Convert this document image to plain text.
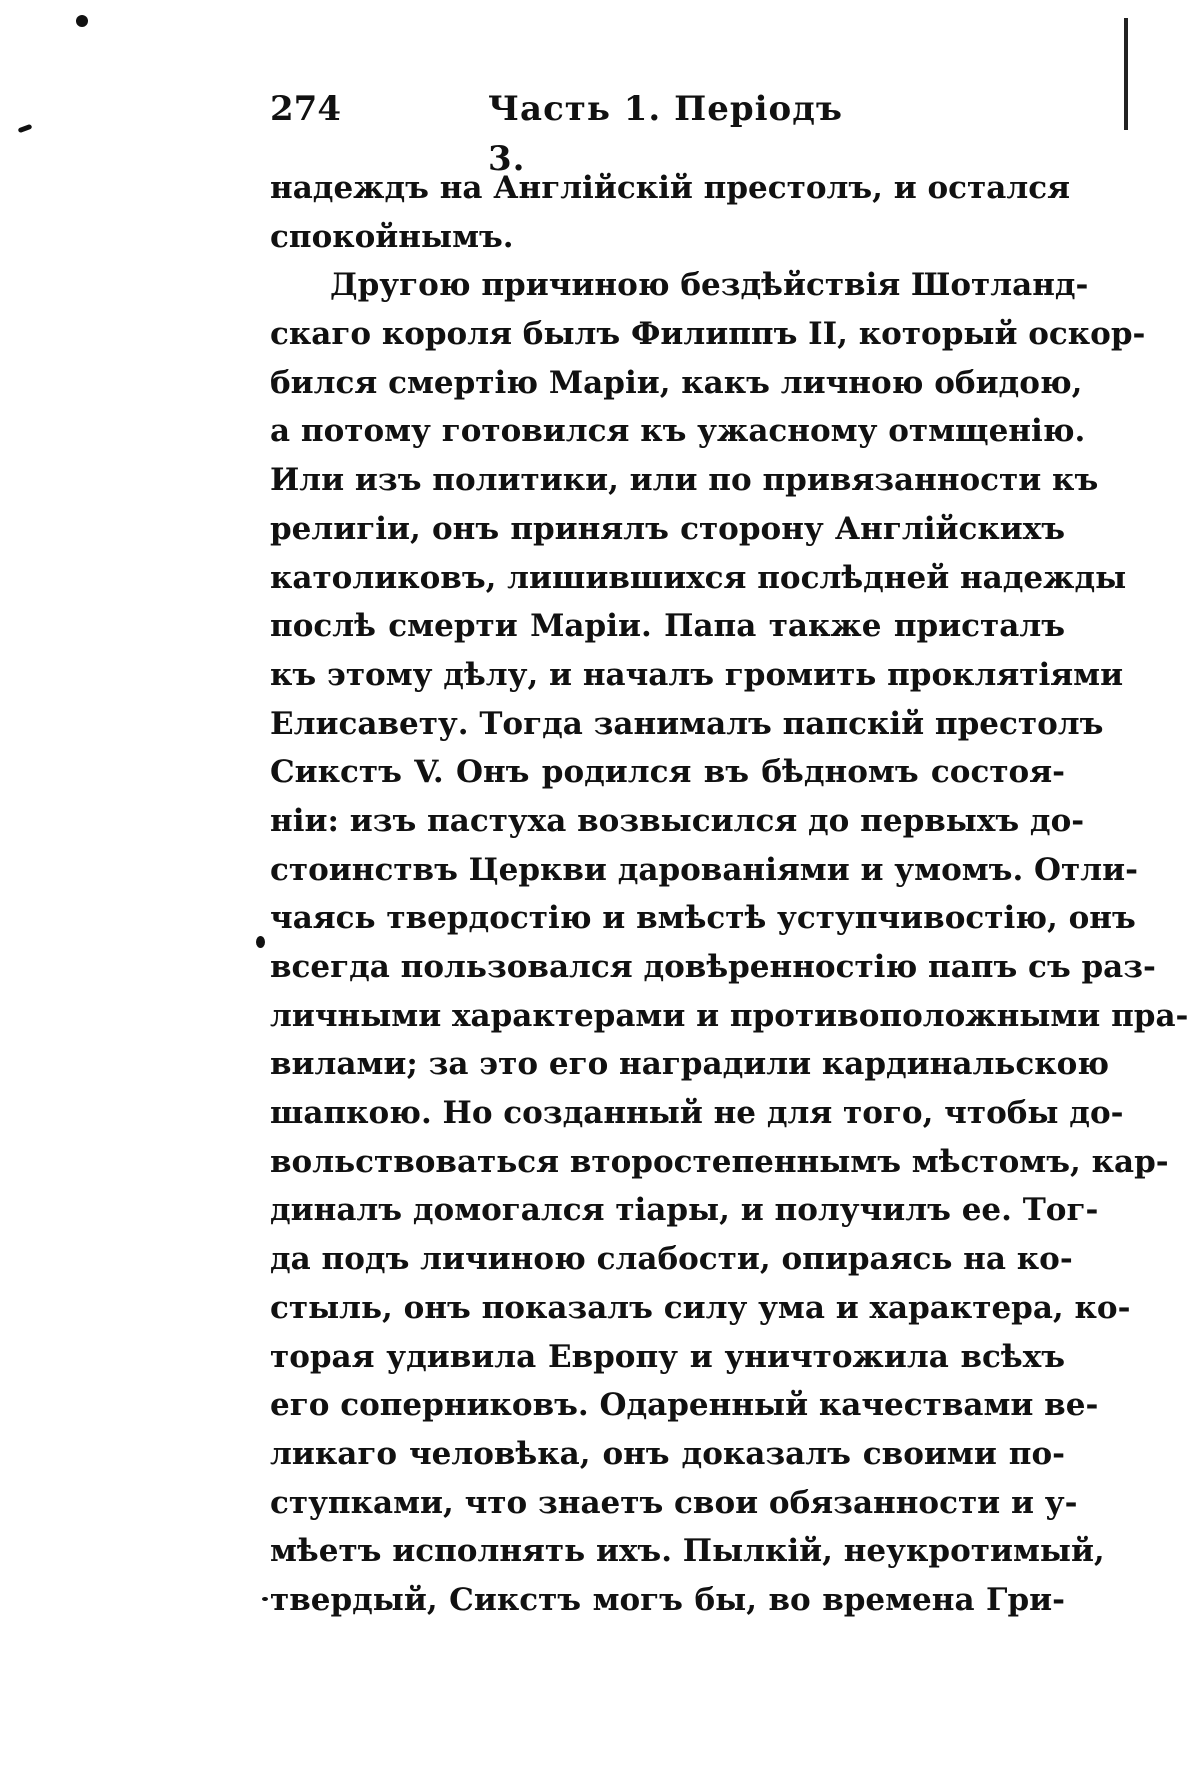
274	Часть 1. Періодъ 3.
надеждъ на Англійскій престолъ, и остался
спокойнымъ.
Другою причиною бездѣйствія Шотланд-
скаго короля былъ Филиппъ II, который оскор-
бился смертію Маріи, какъ личною обидою,
а потому готовился къ ужасному отмщенію.
Или изъ политики, или по привязанности къ
религіи, онъ принялъ сторону Англійскихъ
католиковъ, лишившихся послѣдней надежды
послѣ смерти Маріи. Папа также присталъ
къ этому дѣлу, и началъ громить проклятіями
Елисавету. Тогда занималъ папскій престолъ
Сикстъ V. Онъ родился въ бѣдномъ состоя-
ніи: изъ пастуха возвысился до первыхъ до-
стоинствъ Церкви дарованіями и умомъ. Отли-
чаясь твердостію и вмѣстѣ уступчивостію, онъ
всегда пользовался довѣренностію папъ съ раз-
личными характерами и противоположными пра-
вилами; за это его наградили кардинальскою
шапкою. Но созданный не для того, чтобы до-
вольствоваться второстепеннымъ мѣстомъ, кар-
диналъ домогался тіары, и получилъ ее. Тог-
да подъ личиною слабости, опираясь на ко-
стыль, онъ показалъ силу ума и характера, ко-
торая удивила Европу и уничтожила всѣхъ
его соперниковъ. Одаренный качествами ве-
ликаго человѣка, онъ доказалъ своими по-
ступками, что знаетъ свои обязанности и у-
мѣетъ исполнять ихъ. Пылкій, неукротимый,
твердый, Сикстъ могъ бы, во времена Гри-
